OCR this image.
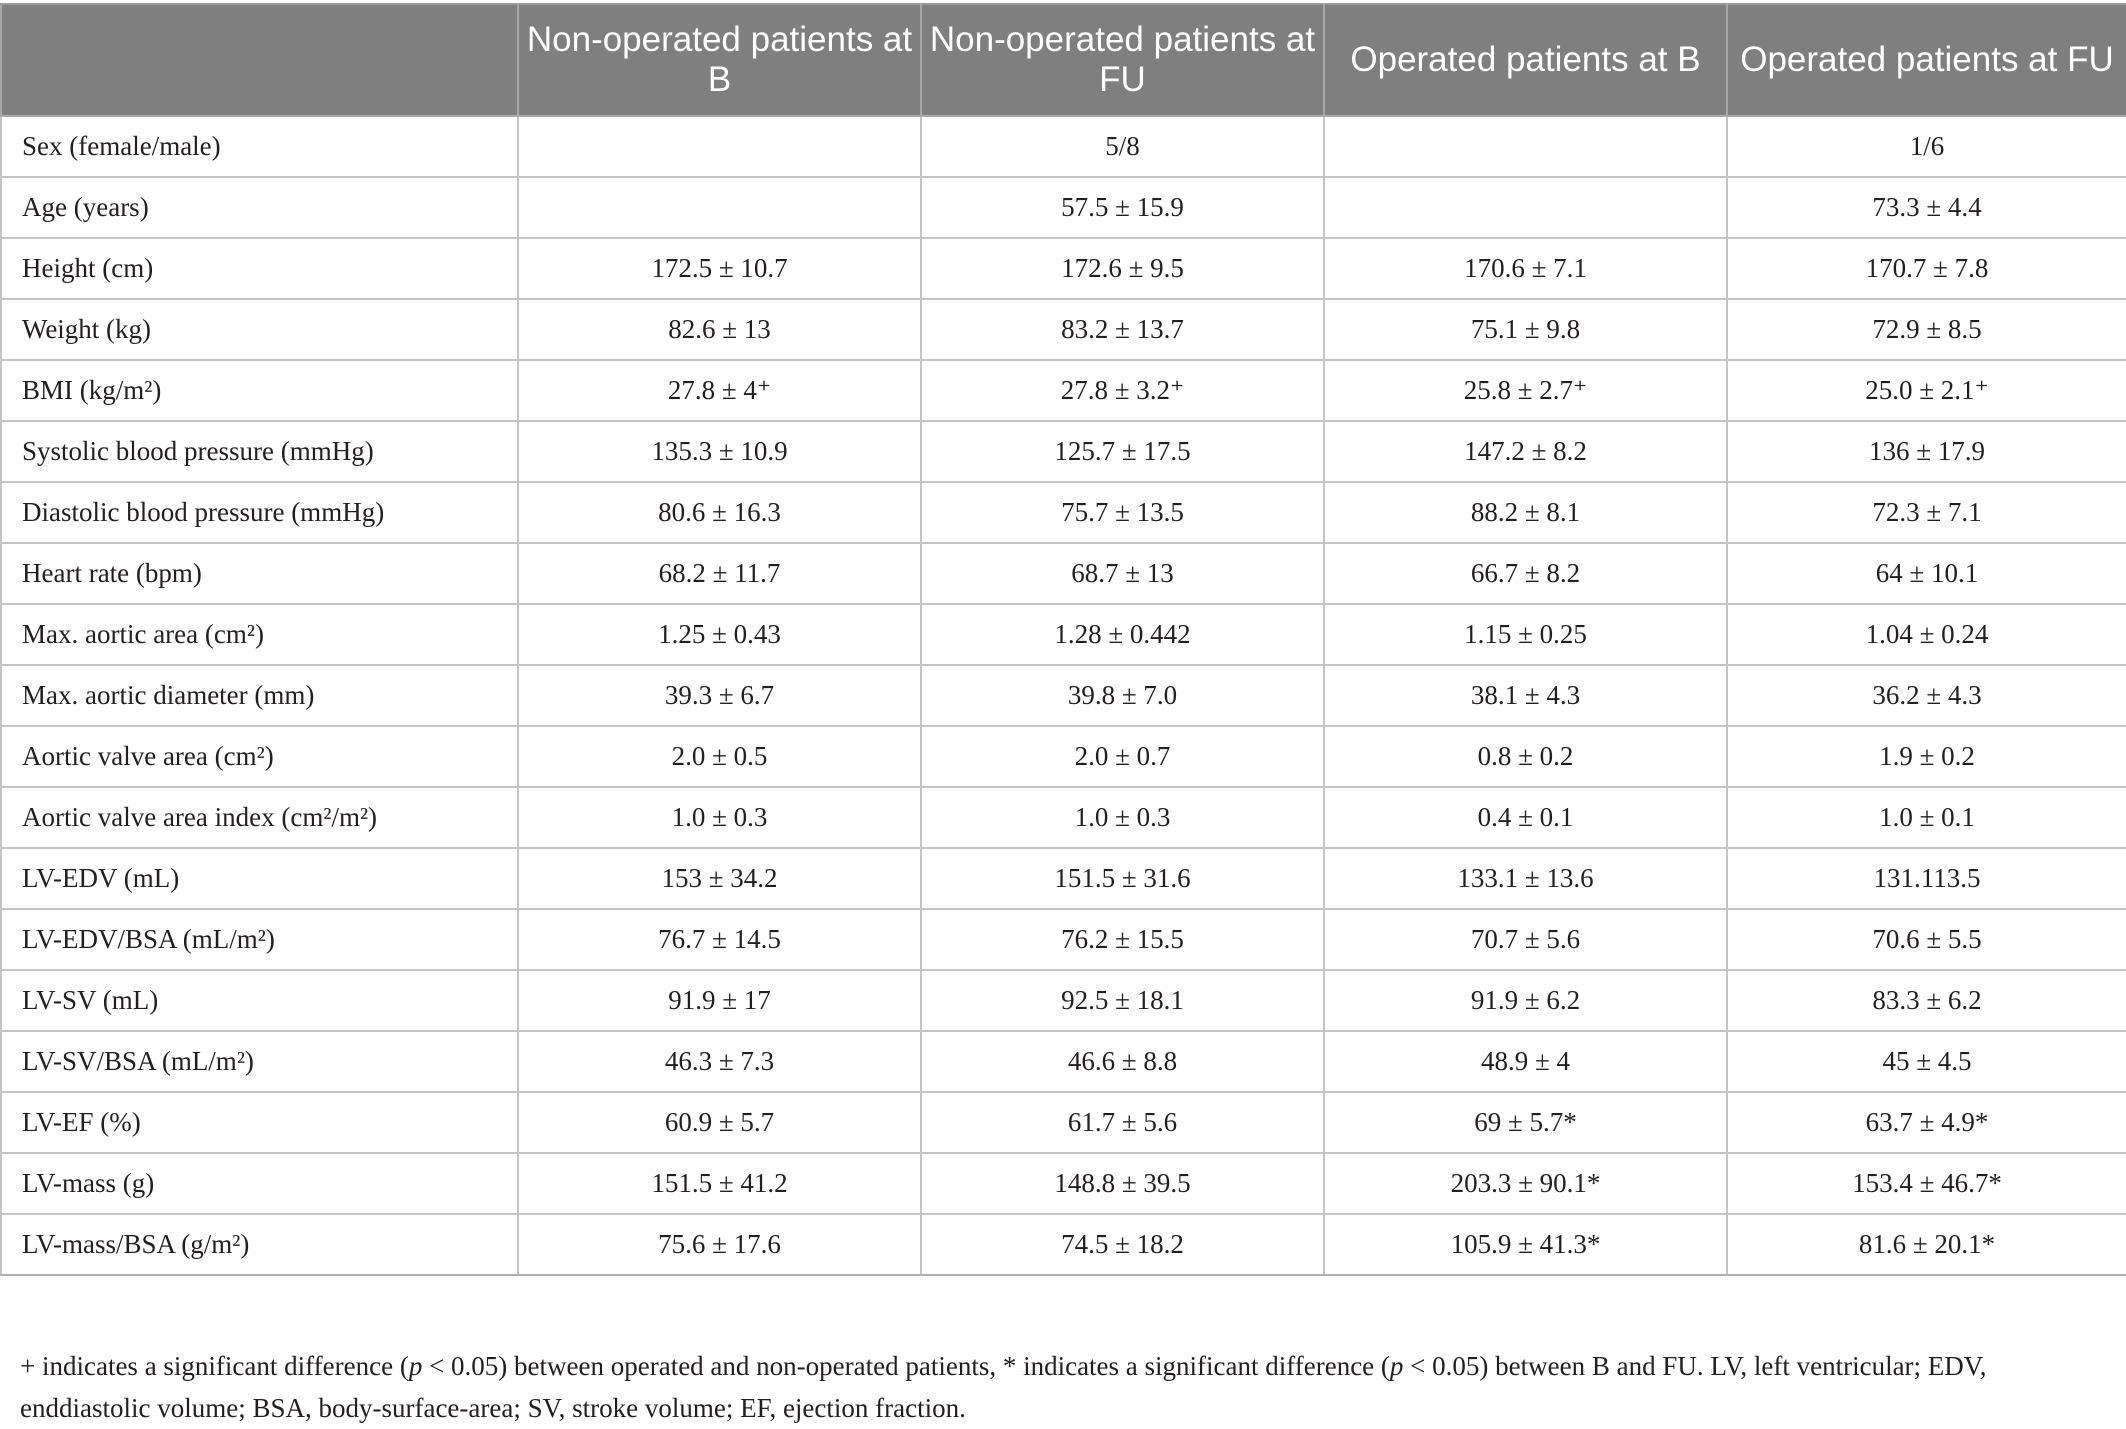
	Non-operated patients at B	Non-operated patients at FU	Operated patients at B	Operated patients at FU
Sex (female/male)		5/8		1/6
Age (years)		57.5 ± 15.9		73.3 ± 4.4
Height (cm)	172.5 ± 10.7	172.6 ± 9.5	170.6 ± 7.1	170.7 ± 7.8
Weight (kg)	82.6 ± 13	83.2 ± 13.7	75.1 ± 9.8	72.9 ± 8.5
BMI (kg/m²)	27.8 ± 4⁺	27.8 ± 3.2⁺	25.8 ± 2.7⁺	25.0 ± 2.1⁺
Systolic blood pressure (mmHg)	135.3 ± 10.9	125.7 ± 17.5	147.2 ± 8.2	136 ± 17.9
Diastolic blood pressure (mmHg)	80.6 ± 16.3	75.7 ± 13.5	88.2 ± 8.1	72.3 ± 7.1
Heart rate (bpm)	68.2 ± 11.7	68.7 ± 13	66.7 ± 8.2	64 ± 10.1
Max. aortic area (cm²)	1.25 ± 0.43	1.28 ± 0.442	1.15 ± 0.25	1.04 ± 0.24
Max. aortic diameter (mm)	39.3 ± 6.7	39.8 ± 7.0	38.1 ± 4.3	36.2 ± 4.3
Aortic valve area (cm²)	2.0 ± 0.5	2.0 ± 0.7	0.8 ± 0.2	1.9 ± 0.2
Aortic valve area index (cm²/m²)	1.0 ± 0.3	1.0 ± 0.3	0.4 ± 0.1	1.0 ± 0.1
LV-EDV (mL)	153 ± 34.2	151.5 ± 31.6	133.1 ± 13.6	131.113.5
LV-EDV/BSA (mL/m²)	76.7 ± 14.5	76.2 ± 15.5	70.7 ± 5.6	70.6 ± 5.5
LV-SV (mL)	91.9 ± 17	92.5 ± 18.1	91.9 ± 6.2	83.3 ± 6.2
LV-SV/BSA (mL/m²)	46.3 ± 7.3	46.6 ± 8.8	48.9 ± 4	45 ± 4.5
LV-EF (%)	60.9 ± 5.7	61.7 ± 5.6	69 ± 5.7*	63.7 ± 4.9*
LV-mass (g)	151.5 ± 41.2	148.8 ± 39.5	203.3 ± 90.1*	153.4 ± 46.7*
LV-mass/BSA (g/m²)	75.6 ± 17.6	74.5 ± 18.2	105.9 ± 41.3*	81.6 ± 20.1*
+ indicates a significant difference (p < 0.05) between operated and non-operated patients, * indicates a significant difference (p < 0.05) between B and FU. LV, left ventricular; EDV, enddiastolic volume; BSA, body-surface-area; SV, stroke volume; EF, ejection fraction.
